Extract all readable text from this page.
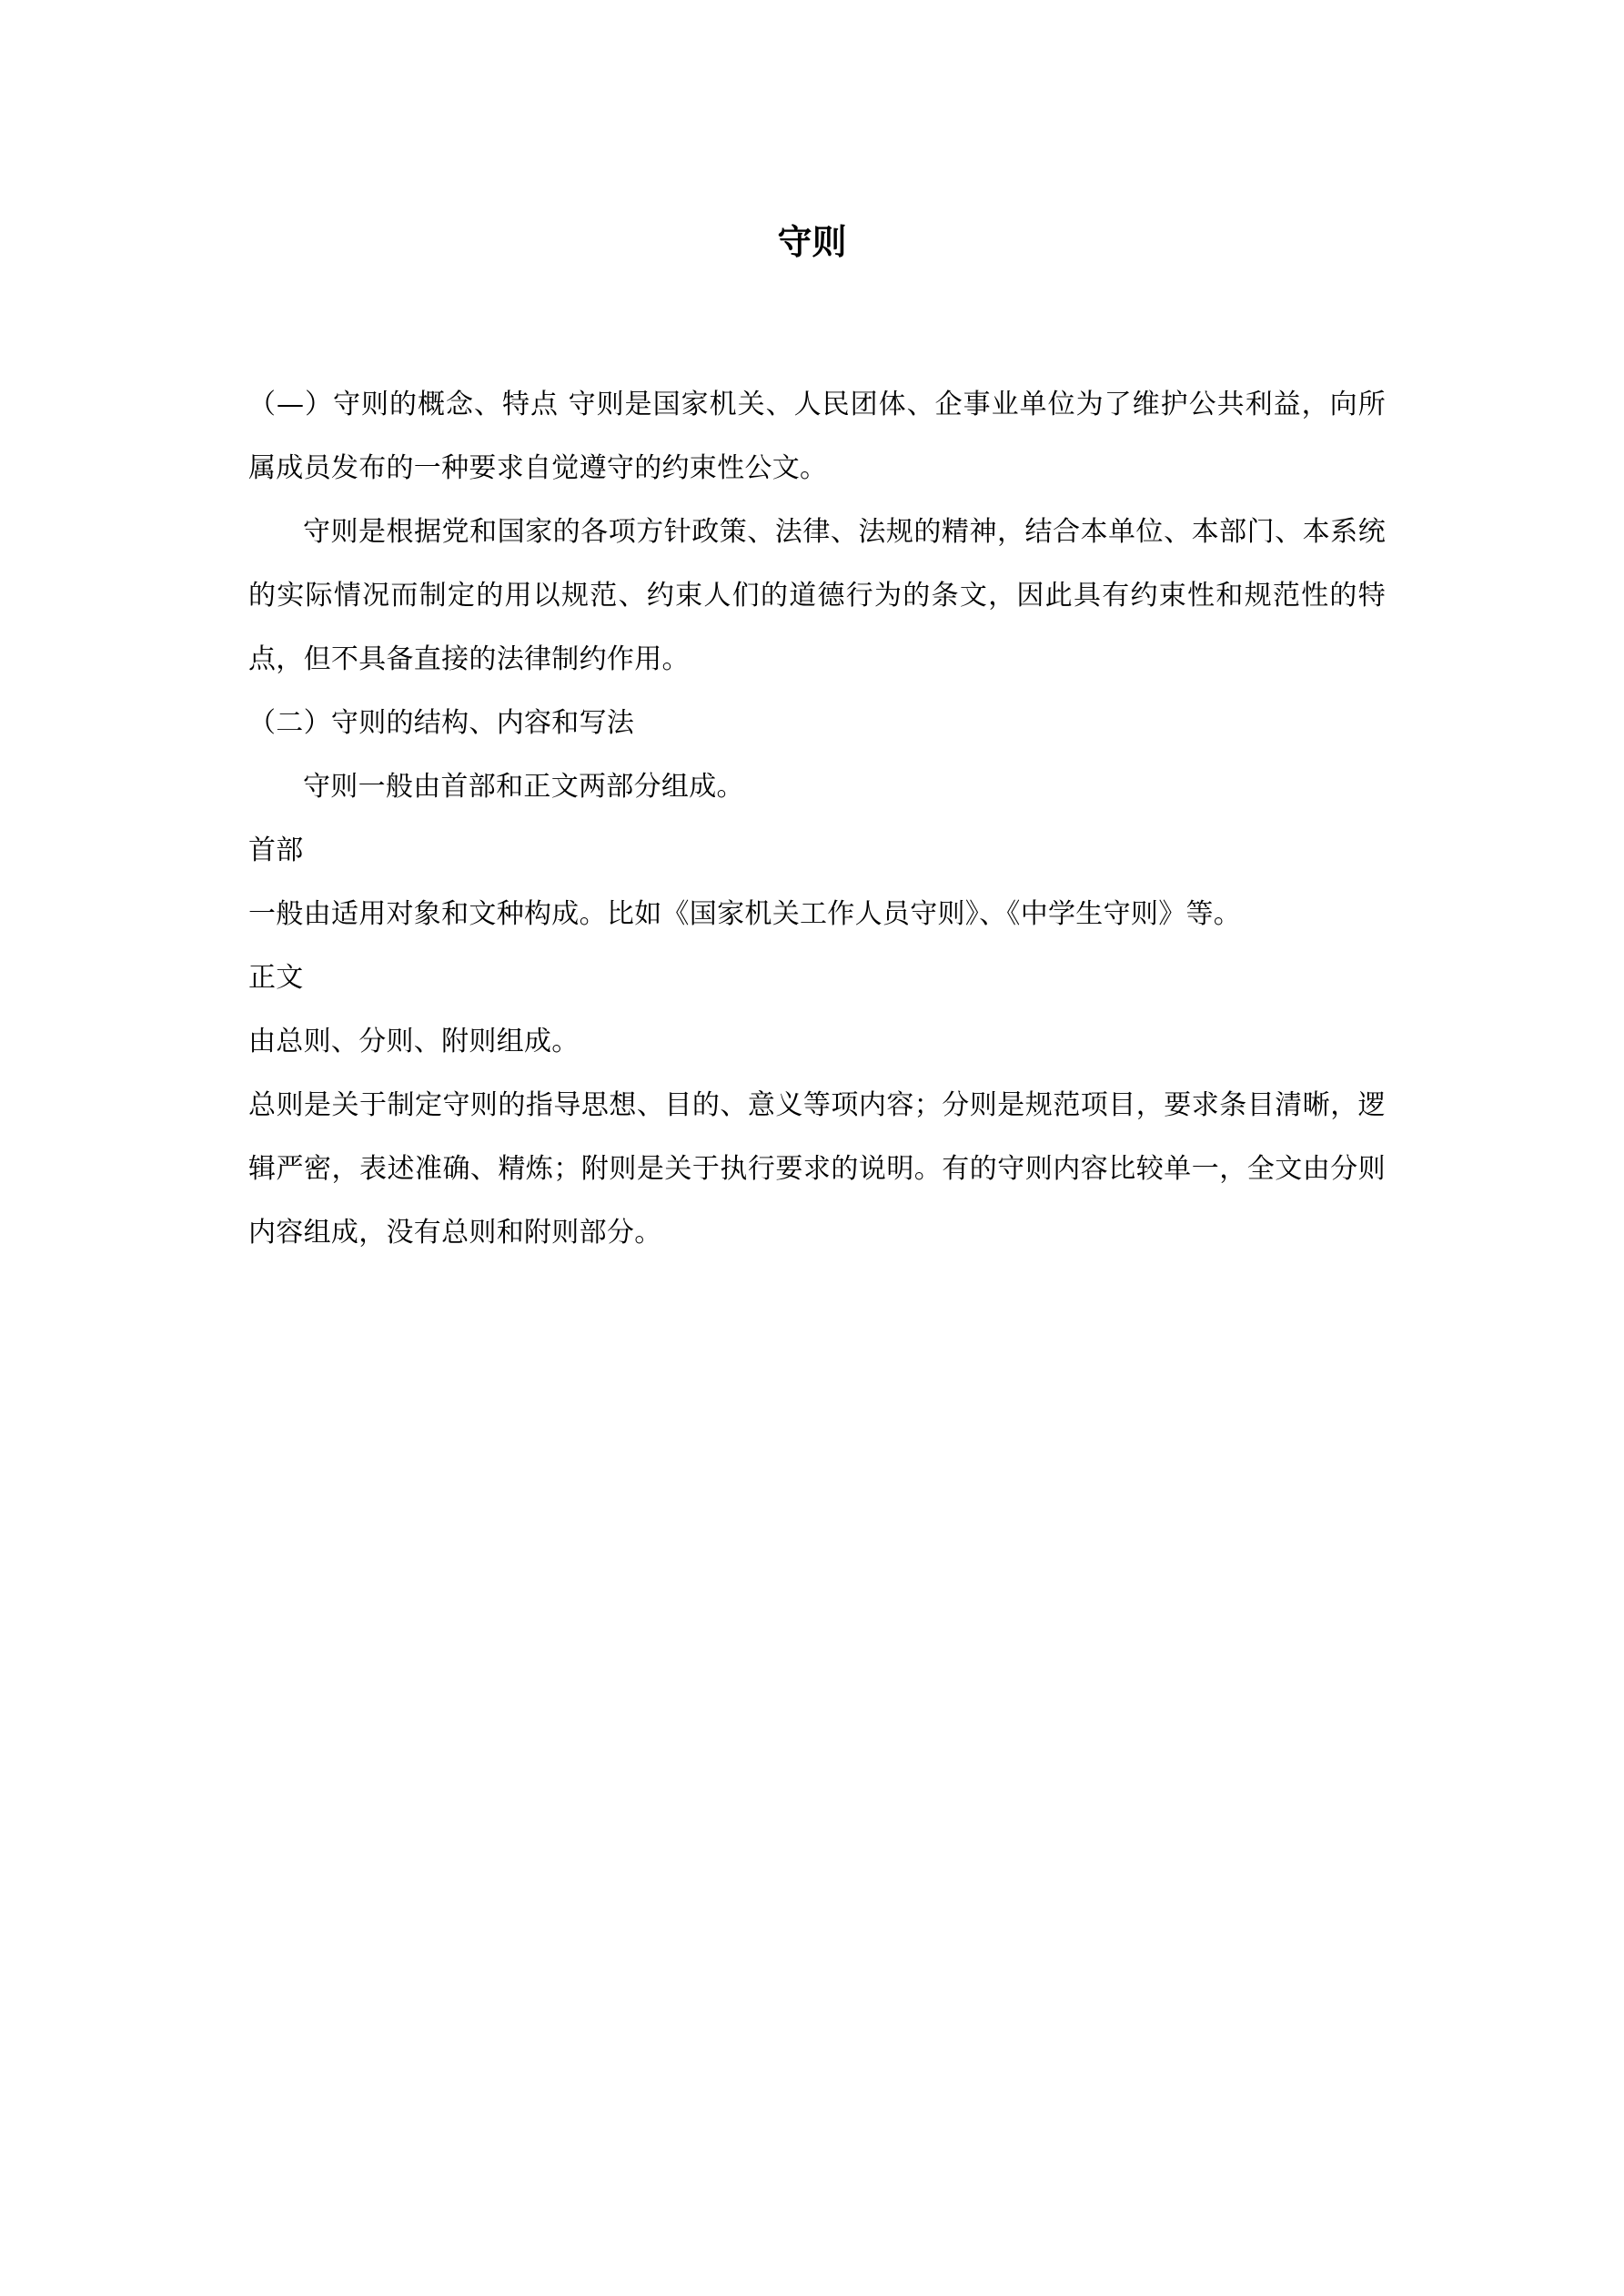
守则

（—）守则的概念、特点 守则是国家机关、人民团体、企事业单位为了维护公共利益，向所属成员发布的一种要求自觉遵守的约束性公文。

守则是根据党和国家的各项方针政策、法律、法规的精神，结合本单位、本部门、本系统的实际情况而制定的用以规范、约束人们的道德行为的条文，因此具有约束性和规范性的特点，但不具备直接的法律制约作用。

（二）守则的结构、内容和写法

守则一般由首部和正文两部分组成。

首部

一般由适用对象和文种构成。比如《国家机关工作人员守则》、《中学生守则》等。

正文

由总则、分则、附则组成。

总则是关于制定守则的指导思想、目的、意义等项内容；分则是规范项目，要求条目清晰，逻辑严密，表述准确、精炼；附则是关于执行要求的说明。有的守则内容比较单一，全文由分则内容组成，没有总则和附则部分。
